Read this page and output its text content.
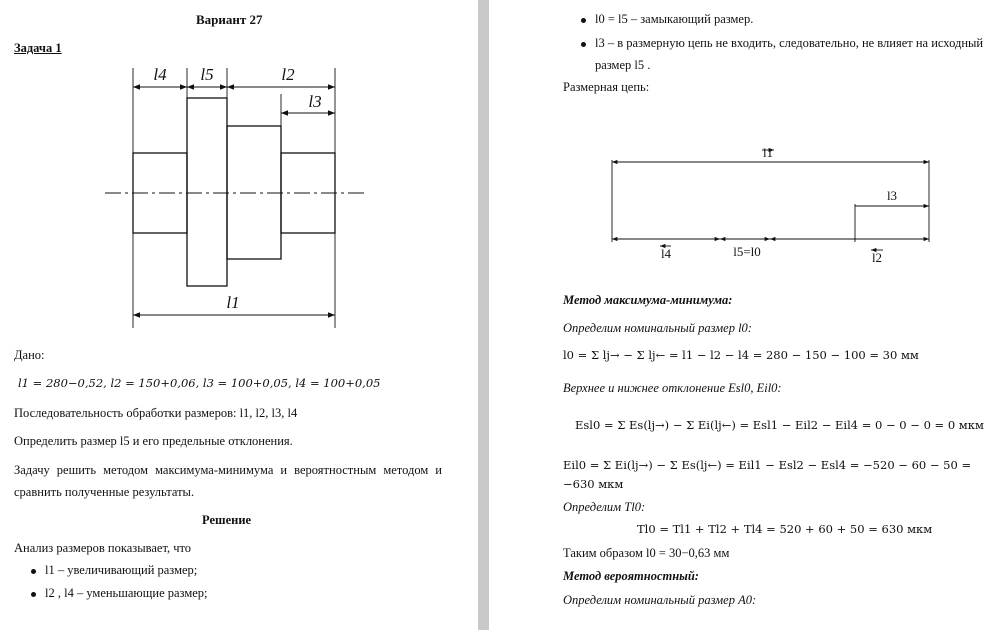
Вариант 27
Задача 1
l4 l5	l2
l3
l1
Дано:
l1 = 280−0,52, l2 = 150+0,06, l3 = 100+0,05, l4 = 100+0,05
Последовательность обработки размеров: l1, l2, l3, l4
Определить размер l5 и его предельные отклонения.
Задачу решить методом максимума-минимума и вероятностным методом и
сравнить полученные результаты.
Решение
Анализ размеров показывает, что
l1 – увеличивающий размер;
l2 , l4 – уменьшающие размер;
l0 = l5 – замыкающий размер.
l3 – в размерную цепь не входить, следовательно, не влияет на исходный
размер l5 .
Размерная цепь:
l1
l3
l4	l5=l0	l2
Метод максимума-минимума:
Определим номинальный размер l0:
l0 = Σ lj→ − Σ lj← = l1 − l2 − l4 = 280 − 150 − 100 = 30 мм
Верхнее и нижнее отклонение Esl0, Eil0:
Esl0 = Σ Es(lj→) − Σ Ei(lj←) = Esl1 − Eil2 − Eil4 = 0 − 0 − 0 = 0 мкм
Eil0 = Σ Ei(lj→) − Σ Es(lj←) = Eil1 − Esl2 − Esl4 = −520 − 60 − 50 =
−630 мкм
Определим Tl0:
Tl0 = Tl1 + Tl2 + Tl4 = 520 + 60 + 50 = 630 мкм
Таким образом l0 = 30−0,63 мм
Метод вероятностный:
Определим номинальный размер A0:
